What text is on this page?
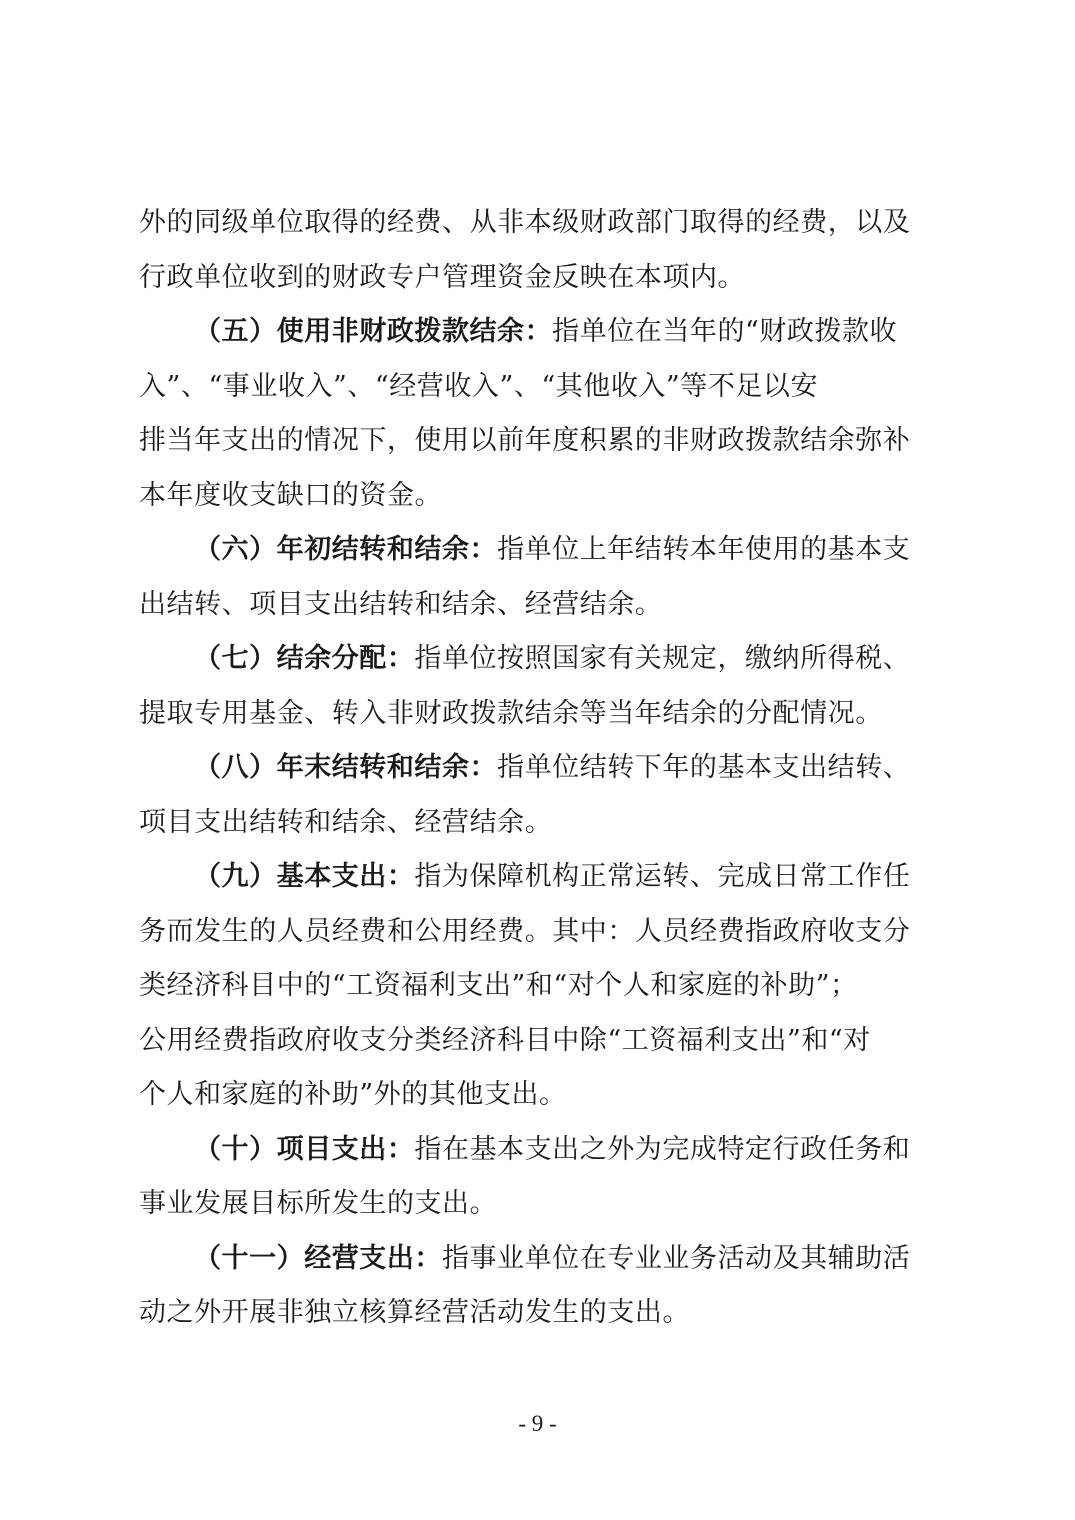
外的同级单位取得的经费、从非本级财政部门取得的经费，以及
行政单位收到的财政专户管理资金反映在本项内。
（五）使用非财政拨款结余：指单位在当年的“财政拨款收
入”、“事业收入”、“经营收入”、“其他收入”等不足以安
排当年支出的情况下，使用以前年度积累的非财政拨款结余弥补
本年度收支缺口的资金。
（六）年初结转和结余：指单位上年结转本年使用的基本支
出结转、项目支出结转和结余、经营结余。
（七）结余分配：指单位按照国家有关规定，缴纳所得税、
提取专用基金、转入非财政拨款结余等当年结余的分配情况。
（八）年末结转和结余：指单位结转下年的基本支出结转、
项目支出结转和结余、经营结余。
（九）基本支出：指为保障机构正常运转、完成日常工作任
务而发生的人员经费和公用经费。其中：人员经费指政府收支分
类经济科目中的“工资福利支出”和“对个人和家庭的补助”；
公用经费指政府收支分类经济科目中除“工资福利支出”和“对
个人和家庭的补助”外的其他支出。
（十）项目支出：指在基本支出之外为完成特定行政任务和
事业发展目标所发生的支出。
（十一）经营支出：指事业单位在专业业务活动及其辅助活
动之外开展非独立核算经营活动发生的支出。
- 9 -
